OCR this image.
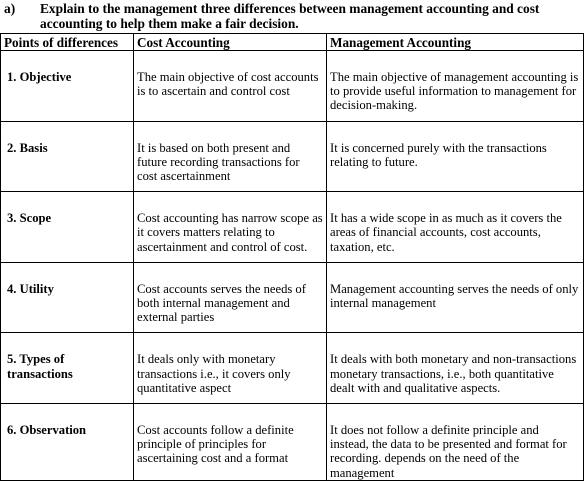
a)	Explain to the management three differences between management accounting and cost accounting to help them make a fair decision.
Points of differences	Cost Accounting	Management Accounting
1. Objective	The main objective of cost accounts is to ascertain and control cost	The main objective of management accounting is to provide useful information to management for decision-making.
2. Basis	It is based on both present and future recording transactions for cost ascertainment	It is concerned purely with the transactions relating to future.
3. Scope	Cost accounting has narrow scope as it covers matters relating to ascertainment and control of cost.	It has a wide scope in as much as it covers the areas of financial accounts, cost accounts, taxation, etc.
4. Utility	Cost accounts serves the needs of both internal management and external parties	Management accounting serves the needs of only internal management
5. Types of transactions	It deals only with monetary transactions i.e., it covers only quantitative aspect	It deals with both monetary and non-transactions monetary transactions, i.e., both quantitative dealt with and qualitative aspects.
6. Observation	Cost accounts follow a definite principle of principles for ascertaining cost and a format	It does not follow a definite principle and instead, the data to be presented and format for recording. depends on the need of the management
